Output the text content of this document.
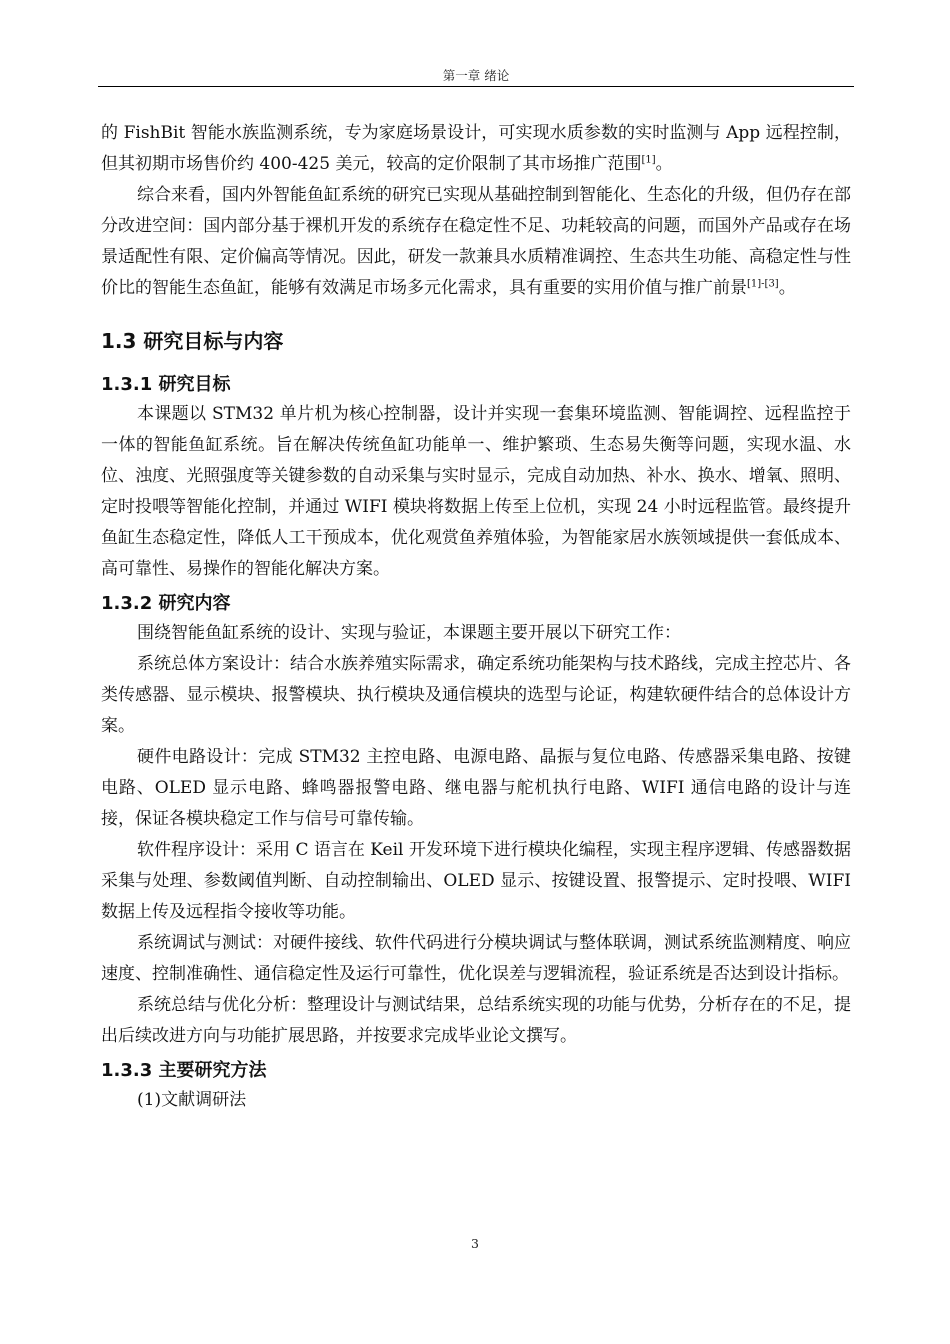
第一章 绪论

的 FishBit 智能水族监测系统，专为家庭场景设计，可实现水质参数的实时监测与 App 远程控制，但其初期市场售价约 400-425 美元，较高的定价限制了其市场推广范围[1]。

综合来看，国内外智能鱼缸系统的研究已实现从基础控制到智能化、生态化的升级，但仍存在部分改进空间：国内部分基于裸机开发的系统存在稳定性不足、功耗较高的问题，而国外产品或存在场景适配性有限、定价偏高等情况。因此，研发一款兼具水质精准调控、生态共生功能、高稳定性与性价比的智能生态鱼缸，能够有效满足市场多元化需求，具有重要的实用价值与推广前景[1]-[3]。

1.3 研究目标与内容
1.3.1 研究目标

本课题以 STM32 单片机为核心控制器，设计并实现一套集环境监测、智能调控、远程监控于一体的智能鱼缸系统。旨在解决传统鱼缸功能单一、维护繁琐、生态易失衡等问题，实现水温、水位、浊度、光照强度等关键参数的自动采集与实时显示，完成自动加热、补水、换水、增氧、照明、定时投喂等智能化控制，并通过 WIFI 模块将数据上传至上位机，实现 24 小时远程监管。最终提升鱼缸生态稳定性，降低人工干预成本，优化观赏鱼养殖体验，为智能家居水族领域提供一套低成本、高可靠性、易操作的智能化解决方案。

1.3.2 研究内容

围绕智能鱼缸系统的设计、实现与验证，本课题主要开展以下研究工作：

系统总体方案设计：结合水族养殖实际需求，确定系统功能架构与技术路线，完成主控芯片、各类传感器、显示模块、报警模块、执行模块及通信模块的选型与论证，构建软硬件结合的总体设计方案。

硬件电路设计：完成 STM32 主控电路、电源电路、晶振与复位电路、传感器采集电路、按键电路、OLED 显示电路、蜂鸣器报警电路、继电器与舵机执行电路、WIFI 通信电路的设计与连接，保证各模块稳定工作与信号可靠传输。

软件程序设计：采用 C 语言在 Keil 开发环境下进行模块化编程，实现主程序逻辑、传感器数据采集与处理、参数阈值判断、自动控制输出、OLED 显示、按键设置、报警提示、定时投喂、WIFI 数据上传及远程指令接收等功能。

系统调试与测试：对硬件接线、软件代码进行分模块调试与整体联调，测试系统监测精度、响应速度、控制准确性、通信稳定性及运行可靠性，优化误差与逻辑流程，验证系统是否达到设计指标。

系统总结与优化分析：整理设计与测试结果，总结系统实现的功能与优势，分析存在的不足，提出后续改进方向与功能扩展思路，并按要求完成毕业论文撰写。

1.3.3 主要研究方法

(1)文献调研法

3
